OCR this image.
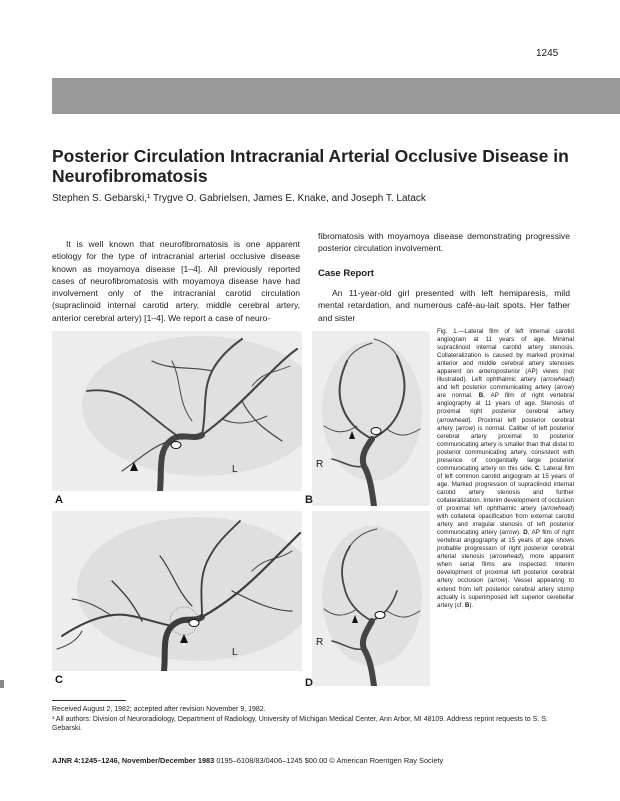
1245
Posterior Circulation Intracranial Arterial Occlusive Disease in Neurofibromatosis
Stephen S. Gebarski,¹ Trygve O. Gabrielsen, James E. Knake, and Joseph T. Latack

It is well known that neurofibromatosis is one apparent etiology for the type of intracranial arterial occlusive disease known as moyamoya disease [1–4]. All previously reported cases of neurofibromatosis with moyamoya disease have had involvement only of the intracranial carotid circulation (supraclinoid internal carotid artery, middle cerebral artery, anterior cerebral artery) [1–4]. We report a case of neuro-

fibromatosis with moyamoya disease demonstrating progressive posterior circulation involvement.

Case Report

An 11-year-old girl presented with left hemiparesis, mild mental retardation, and numerous café-au-lait spots. Her father and sister

A
L	R
B
C
L
R
D
Fig. 1.—Lateral film of left internal carotid angiogram at 11 years of age. Minimal supraclinoid internal carotid artery stenosis. Collateralization is caused by marked proximal anterior and middle cerebral artery stenoses apparent on anteroposterior (AP) views (not illustrated). Left ophthalmic artery (arrowhead) and left posterior communicating artery (arrow) are normal. B, AP film of right vertebral angiography at 11 years of age. Stenosis of proximal right posterior cerebral artery (arrowhead). Proximal left posterior cerebral artery (arrow) is normal. Caliber of left posterior cerebral artery proximal to posterior communicating artery is smaller than that distal to posterior communicating artery, consistent with presence of congenitally large posterior communicating artery on this side. C, Lateral film of left common carotid angiogram at 15 years of age. Marked progression of supraclinoid internal carotid artery stenosis and further collateralization. Interim development of occlusion of proximal left ophthalmic artery (arrowhead) with collateral opacification from external carotid artery and irregular stenosis of left posterior communicating artery (arrow). D, AP film of right vertebral angiography at 15 years of age shows probable progression of right posterior cerebral arterial stenosis (arrowhead), more apparent when serial films are inspected. Interim development of proximal left posterior cerebral artery occlusion (arrow). Vessel appearing to extend from left posterior cerebral artery stump actually is superimposed left superior cerebellar artery (cf. B).
Received August 2, 1982; accepted after revision November 9, 1982.
¹ All authors: Division of Neuroradiology, Department of Radiology, University of Michigan Medical Center, Ann Arbor, MI 48109. Address reprint requests to S. S. Gebarski.
AJNR 4:1245–1246, November/December 1983 0195–6108/83/0406–1245 $00.00 © American Roentgen Ray Society
